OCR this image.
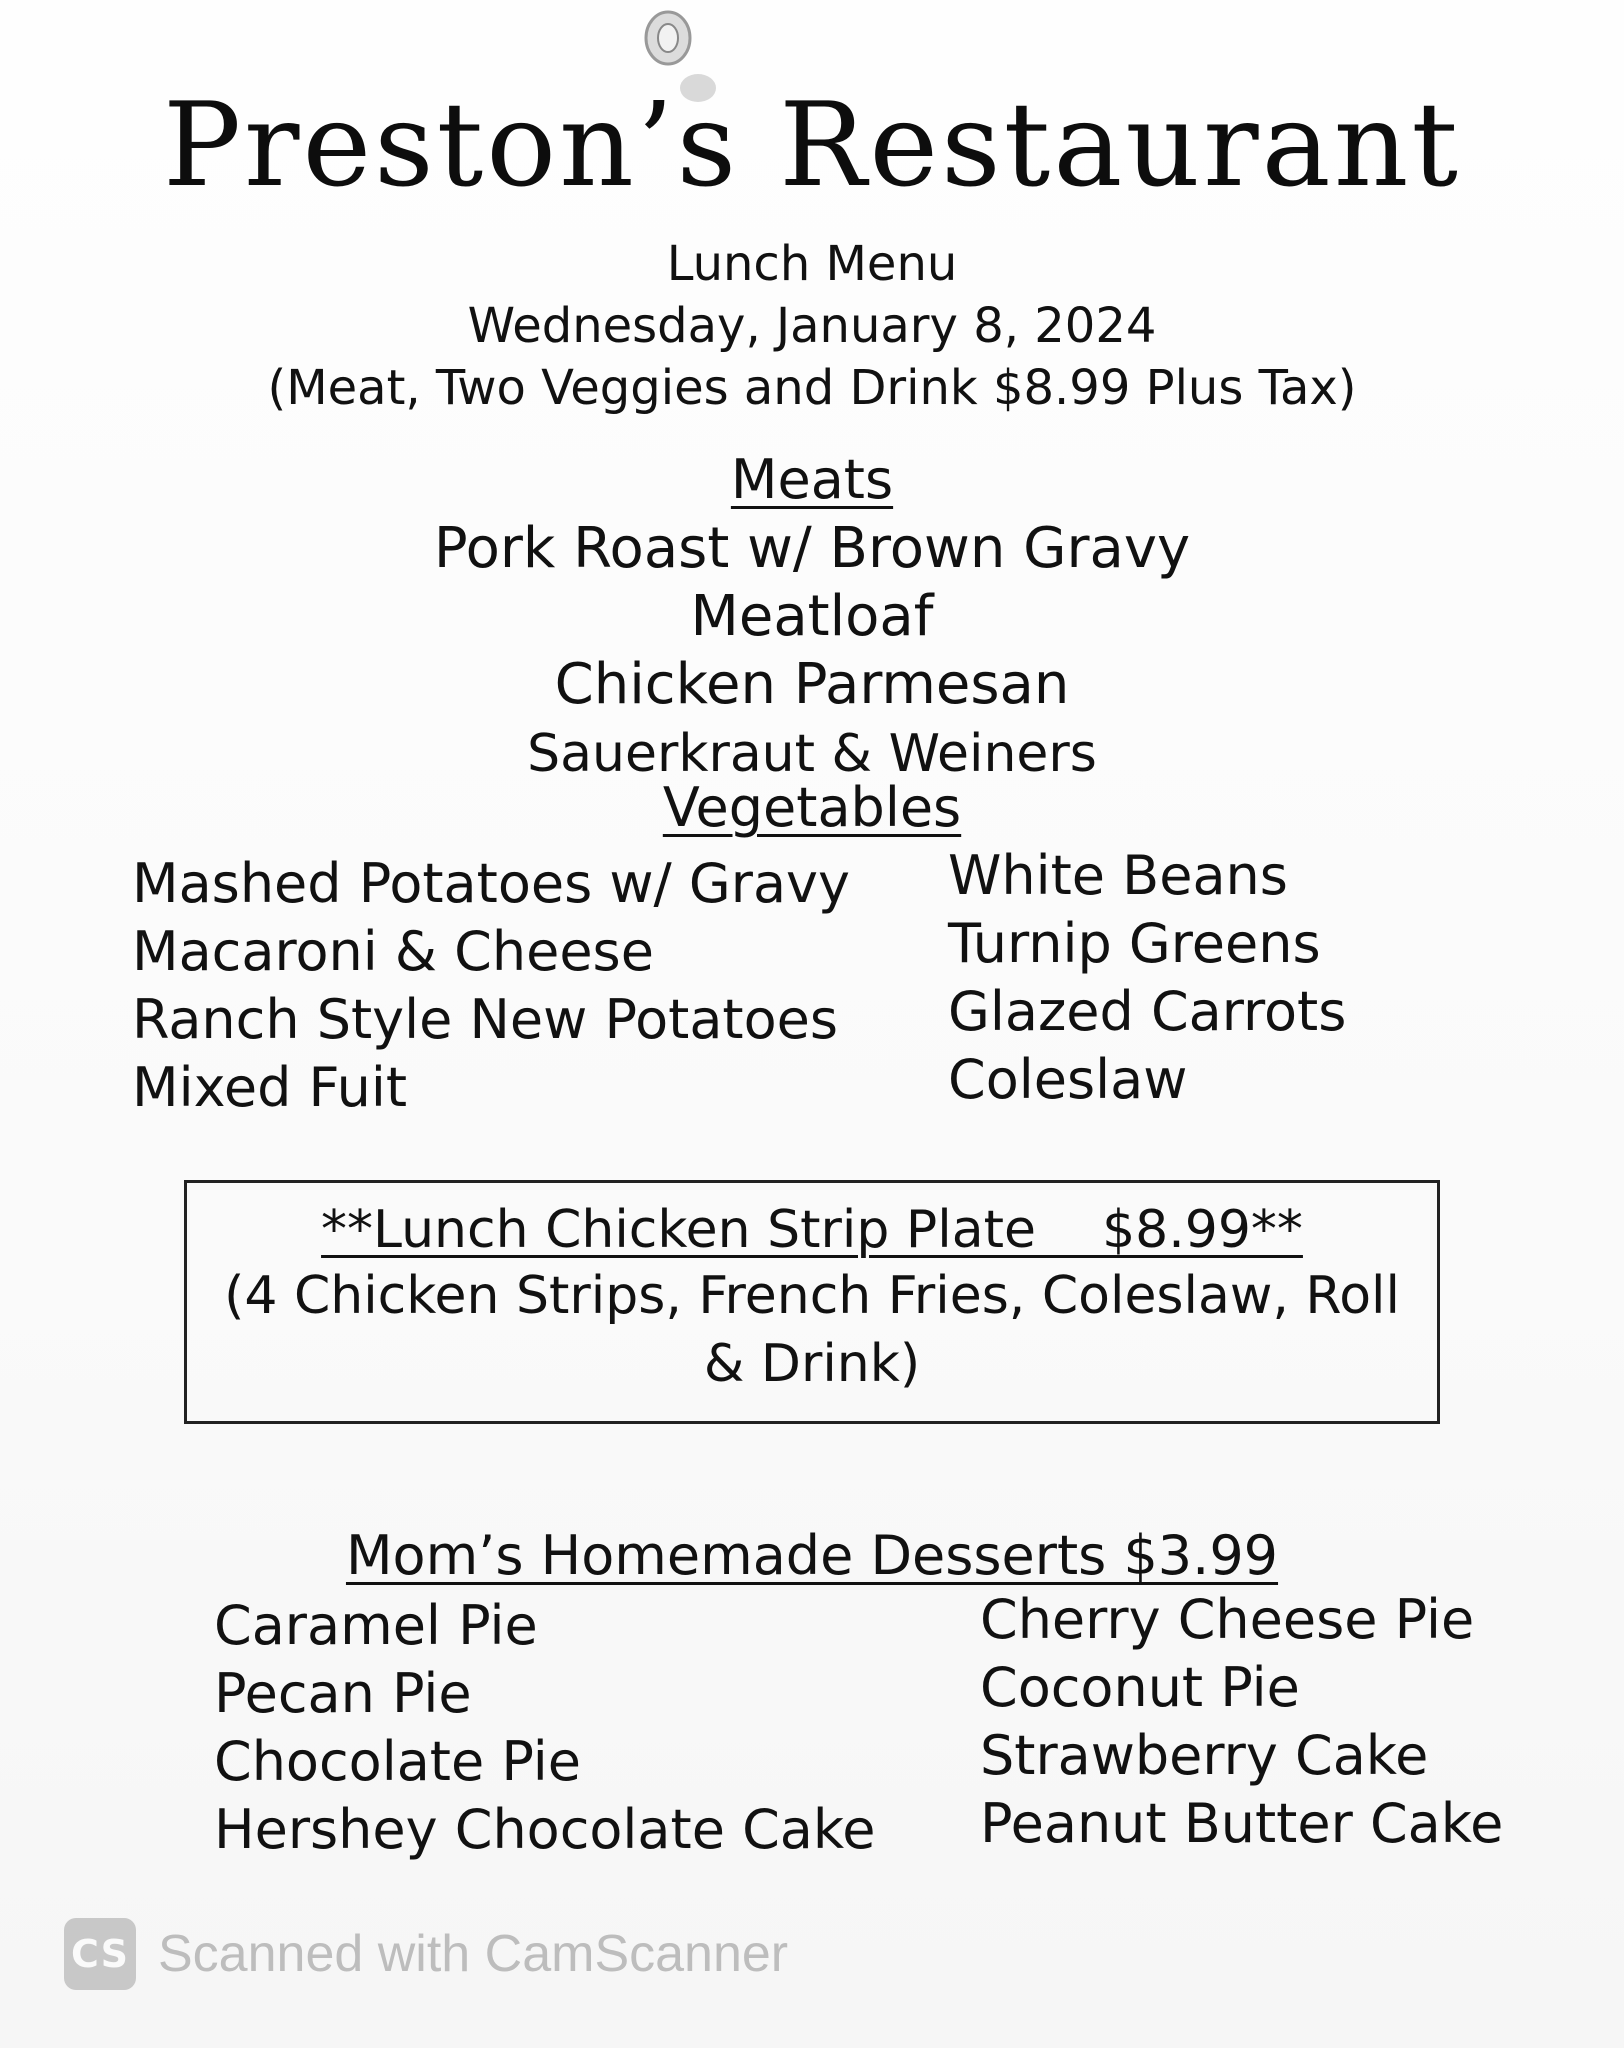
Preston’s Restaurant
Lunch Menu
Wednesday, January 8, 2024
(Meat, Two Veggies and Drink $8.99 Plus Tax)
Meats
Pork Roast w/ Brown Gravy
Meatloaf
Chicken Parmesan
Sauerkraut & Weiners
Vegetables
Mashed Potatoes w/ Gravy
Macaroni & Cheese
Ranch Style New Potatoes
Mixed Fuit
White Beans
Turnip Greens
Glazed Carrots
Coleslaw
**Lunch Chicken Strip Plate    $8.99**
(4 Chicken Strips, French Fries, Coleslaw, Roll & Drink)
Mom’s Homemade Desserts $3.99
Caramel Pie
Pecan Pie
Chocolate Pie
Hershey Chocolate Cake
Cherry Cheese Pie
Coconut Pie
Strawberry Cake
Peanut Butter Cake
CS Scanned with CamScanner
